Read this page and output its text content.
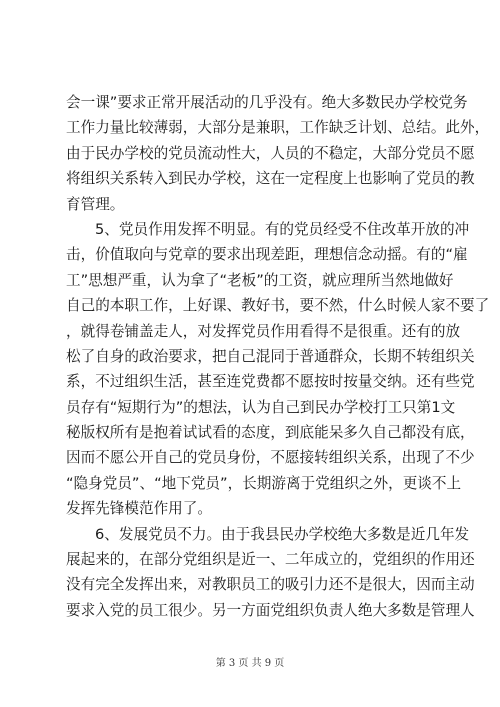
会一课”要求正常开展活动的几乎没有。绝大多数民办学校党务
工作力量比较薄弱，大部分是兼职，工作缺乏计划、总结。此外，
由于民办学校的党员流动性大，人员的不稳定，大部分党员不愿
将组织关系转入到民办学校，这在一定程度上也影响了党员的教
育管理。
5、党员作用发挥不明显。有的党员经受不住改革开放的冲
击，价值取向与党章的要求出现差距，理想信念动摇。有的“雇
工”思想严重，认为拿了“老板”的工资，就应理所当然地做好
自己的本职工作，上好课、教好书，要不然，什么时候人家不要了
，就得卷铺盖走人，对发挥党员作用看得不是很重。还有的放
松了自身的政治要求，把自己混同于普通群众，长期不转组织关
系，不过组织生活，甚至连党费都不愿按时按量交纳。还有些党
员存有“短期行为”的想法，认为自己到民办学校打工只第1文
秘版权所有是抱着试试看的态度，到底能呆多久自己都没有底，
因而不愿公开自己的党员身份，不愿接转组织关系，出现了不少
“隐身党员”、“地下党员”，长期游离于党组织之外，更谈不上
发挥先锋模范作用了。
6、发展党员不力。由于我县民办学校绝大多数是近几年发
展起来的，在部分党组织是近一、二年成立的，党组织的作用还
没有完全发挥出来，对教职员工的吸引力还不是很大，因而主动
要求入党的员工很少。另一方面党组织负责人绝大多数是管理人
第 3 页 共 9 页
